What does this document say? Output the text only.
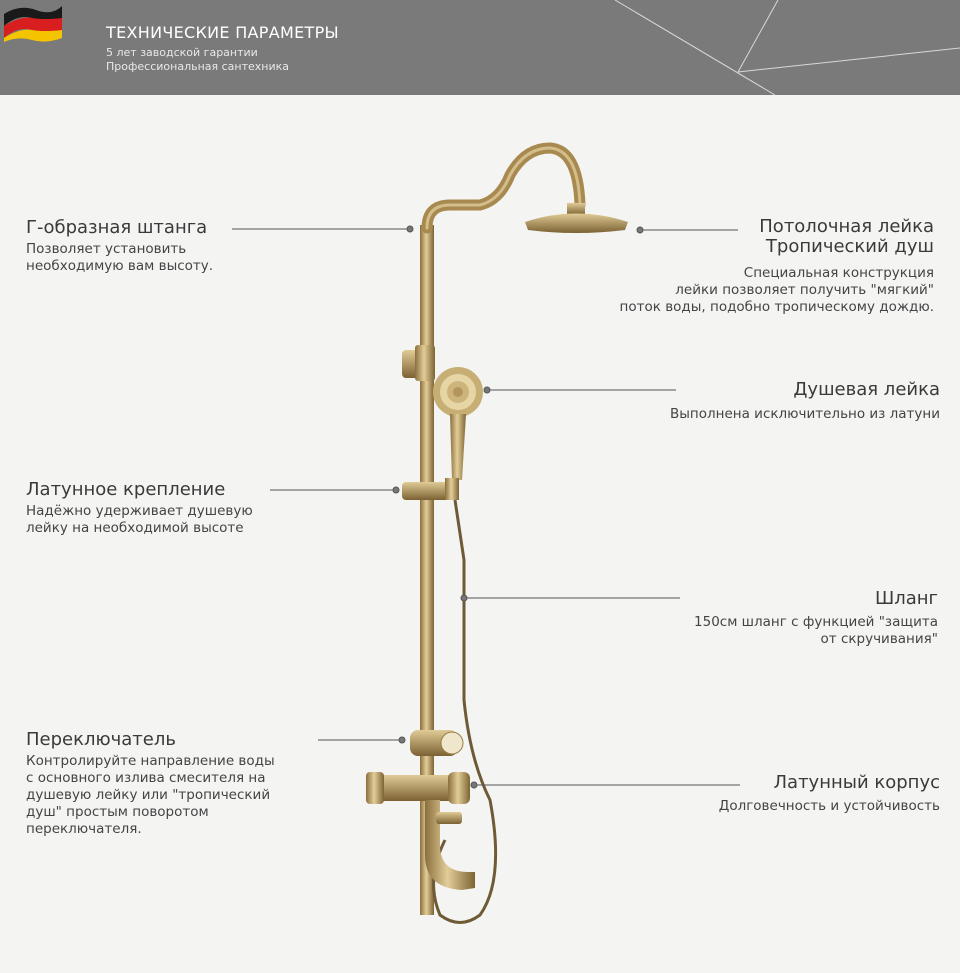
ТЕХНИЧЕСКИЕ ПАРАМЕТРЫ
5 лет заводской гарантии
Профессиональная сантехника
Г-образная штанга
Позволяет установить
необходимую вам высоту.
Латунное крепление
Надёжно удерживает душевую
лейку на необходимой высоте
Переключатель
Контролируйте направление воды
с основного излива смесителя на
душевую лейку или "тропический
душ" простым поворотом
переключателя.
Потолочная лейка
Тропический душ
Специальная конструкция
лейки позволяет получить "мягкий"
поток воды, подобно тропическому дождю.
Душевая лейка
Выполнена исключительно из латуни
Шланг
150см шланг с функцией "защита
от скручивания"
Латунный корпус
Долговечность и устойчивость
